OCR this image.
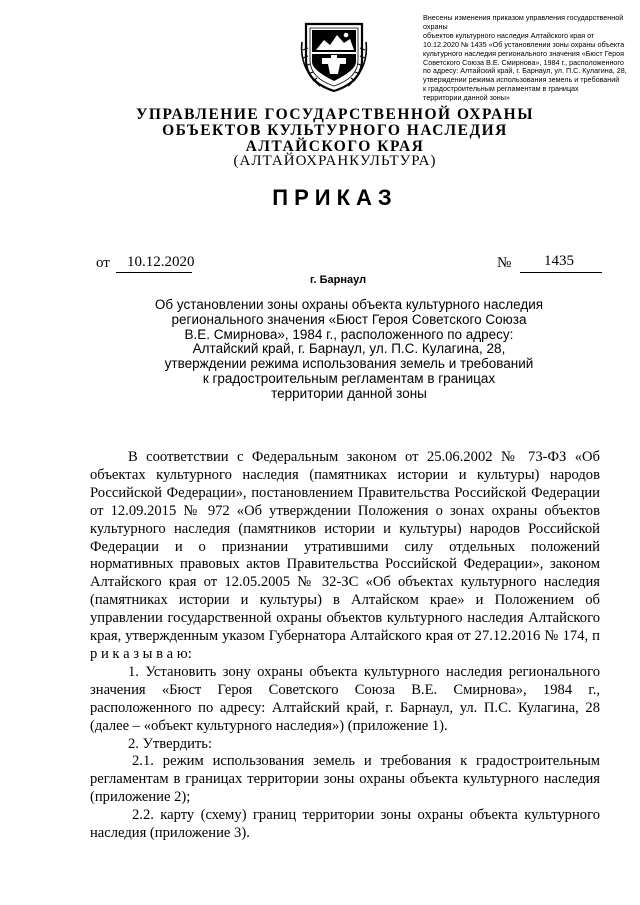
Внесены изменения приказом управления государственной охраны
объектов культурного наследия Алтайского края от
10.12.2020 № 1435 «Об установлении зоны охраны объекта
культурного наследия регионального значения «Бюст Героя
Советского Союза В.Е. Смирнова», 1984 г., расположенного
по адресу: Алтайский край, г. Барнаул, ул. П.С. Кулагина, 28,
утверждении режима использования земель и требований
к градостроительным регламентам в границах
территории данной зоны»
УПРАВЛЕНИЕ ГОСУДАРСТВЕННОЙ ОХРАНЫ
ОБЪЕКТОВ КУЛЬТУРНОГО НАСЛЕДИЯ
АЛТАЙСКОГО КРАЯ
(АЛТАЙОХРАНКУЛЬТУРА)
ПРИКАЗ
от 10.12.2020	№ 1435
г. Барнаул
Об установлении зоны охраны объекта культурного наследия
регионального значения «Бюст Героя Советского Союза
В.Е. Смирнова», 1984 г., расположенного по адресу:
Алтайский край, г. Барнаул, ул. П.С. Кулагина, 28,
утверждении режима использования земель и требований
к градостроительным регламентам в границах
территории данной зоны

В соответствии с Федеральным законом от 25.06.2002 № 73-ФЗ «Об объектах культурного наследия (памятниках истории и культуры) народов Российской Федерации», постановлением Правительства Российской Федерации от 12.09.2015 № 972 «Об утверждении Положения о зонах охраны объектов культурного наследия (памятников истории и культуры) народов Российской Федерации и о признании утратившими силу отдельных положений нормативных правовых актов Правительства Российской Федерации», законом Алтайского края от 12.05.2005 № 32-ЗС «Об объектах культурного наследия (памятниках истории и культуры) в Алтайском крае» и Положением об управлении государственной охраны объектов культурного наследия Алтайского края, утвержденным указом Губернатора Алтайского края от 27.12.2016 № 174, п р и к а з ы в а ю:

1. Установить зону охраны объекта культурного наследия регионального значения «Бюст Героя Советского Союза В.Е. Смирнова», 1984 г., расположенного по адресу: Алтайский край, г. Барнаул, ул. П.С. Кулагина, 28 (далее – «объект культурного наследия») (приложение 1).

2. Утвердить:

2.1. режим использования земель и требования к градостроительным регламентам в границах территории зоны охраны объекта культурного наследия (приложение 2);

2.2. карту (схему) границ территории зоны охраны объекта культурного наследия (приложение 3).
